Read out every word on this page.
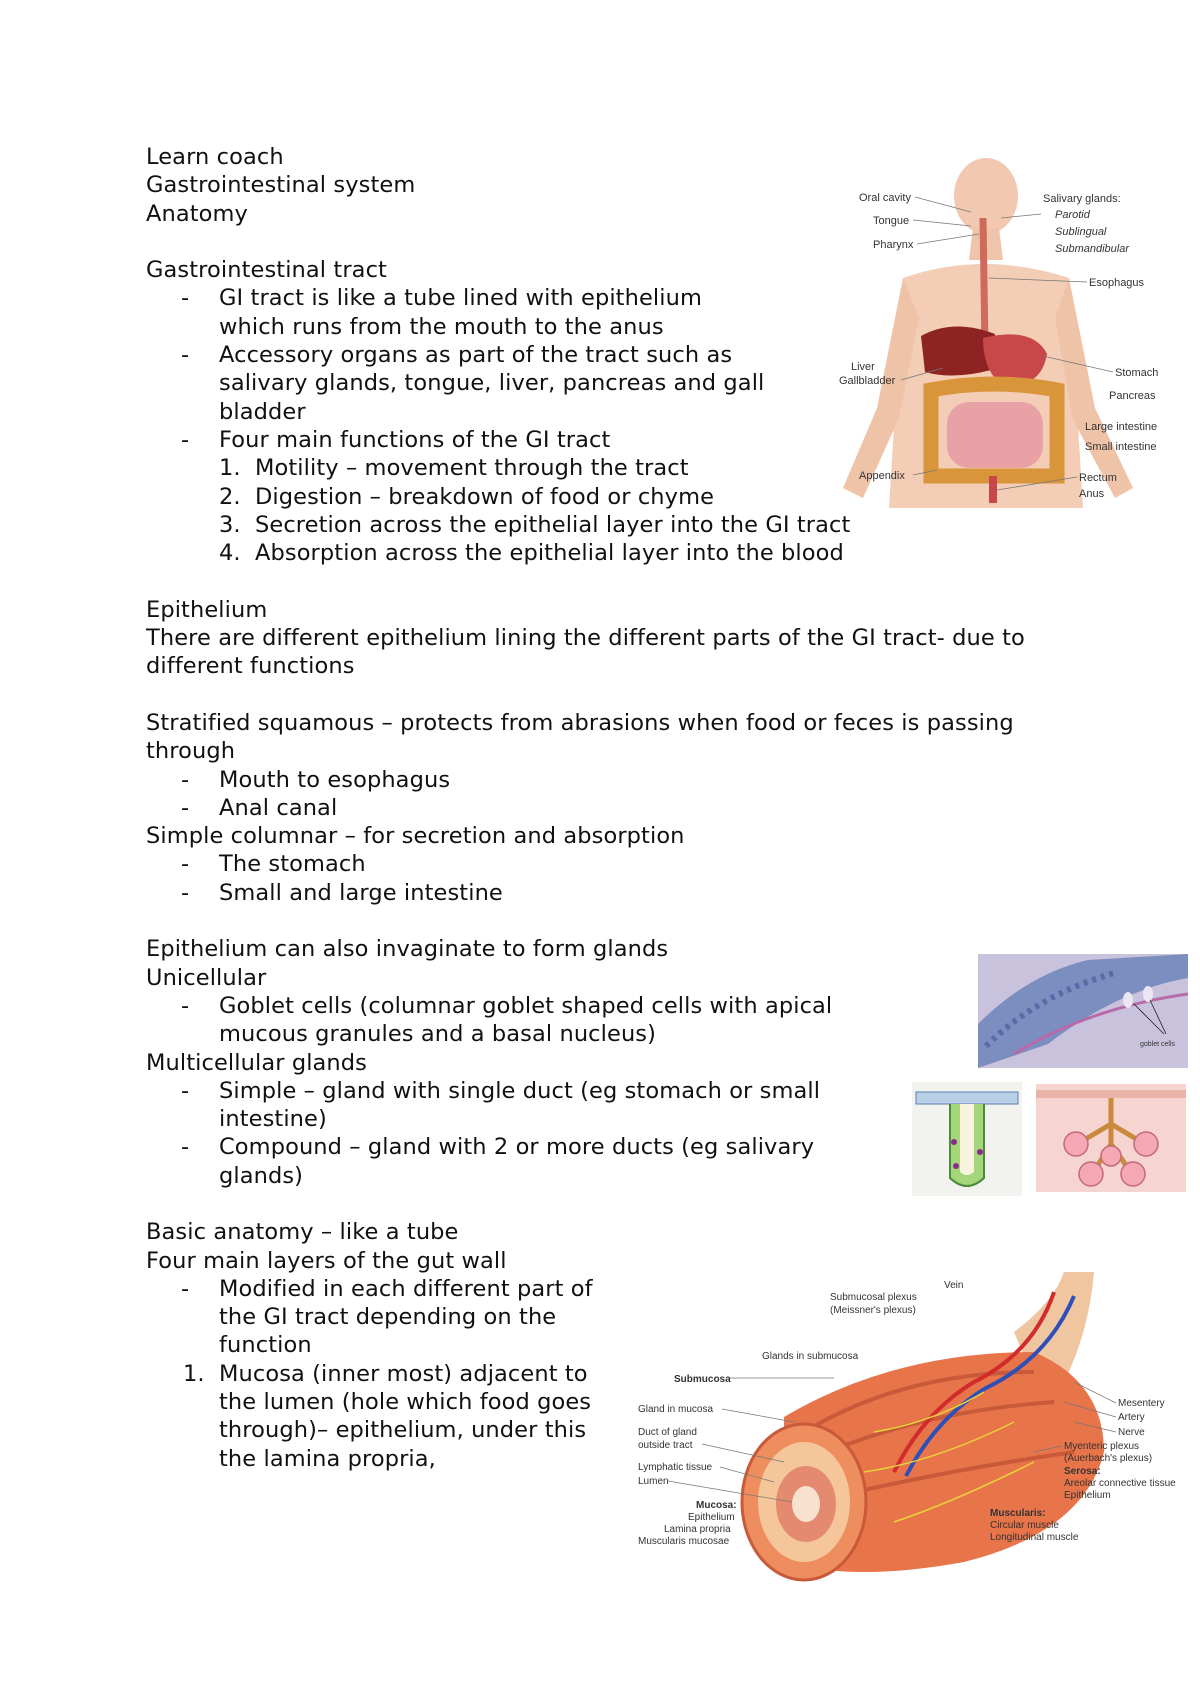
Learn coach

Gastrointestinal system

Anatomy

Gastrointestinal tract

- GI tract is like a tube lined with epithelium which runs from the mouth to the anus
- Accessory organs as part of the tract such as salivary glands, tongue, liver, pancreas and gall bladder
- Four main functions of the GI tract
1. Motility – movement through the tract
2. Digestion – breakdown of food or chyme
3. Secretion across the epithelial layer into the GI tract
4. Absorption across the epithelial layer into the blood

Epithelium

There are different epithelium lining the different parts of the GI tract- due to different functions

Stratified squamous – protects from abrasions when food or feces is passing through

- Mouth to esophagus
- Anal canal

Simple columnar – for secretion and absorption

- The stomach
- Small and large intestine

Epithelium can also invaginate to form glands

Unicellular

- Goblet cells (columnar goblet shaped cells with apical mucous granules and a basal nucleus)

Multicellular glands

- Simple – gland with single duct (eg stomach or small intestine)
- Compound – gland with 2 or more ducts (eg salivary glands)

Basic anatomy – like a tube

Four main layers of the gut wall

- Modified in each different part of the GI tract depending on the function
1. Mucosa (inner most) adjacent to the lumen (hole which food goes through)– epithelium, under this the lamina propria,
Oral cavity
Tongue
Pharynx
Liver
Gallbladder
Appendix
Salivary glands:
Parotid
Sublingual
Submandibular
Esophagus
Stomach
Pancreas
Large intestine
Small intestine
Rectum
Anus
goblet cells
Vein
Submucosal plexus
(Meissner's plexus)
Glands in submucosa
Submucosa
Gland in mucosa
Duct of gland
outside tract
Lymphatic tissue
Lumen
Mucosa:
Epithelium
Lamina propria
Muscularis mucosae
Mesentery
Artery
Nerve
Myenteric plexus
(Auerbach's plexus)
Serosa:
Areolar connective tissue
Epithelium
Muscularis:
Circular muscle
Longitudinal muscle
